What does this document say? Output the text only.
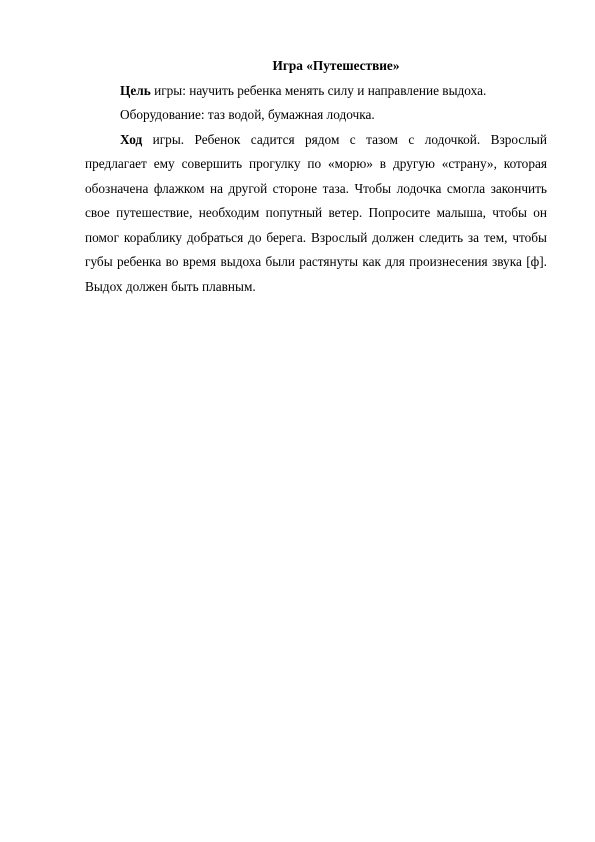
Игра «Путешествие»

Цель игры: научить ребенка менять силу и направление выдоха.

Оборудование: таз водой, бумажная лодочка.

Ход игры. Ребенок садится рядом с тазом с лодочкой. Взрослый предлагает ему совершить прогулку по «морю» в другую «страну», которая обозначена флажком на другой стороне таза. Чтобы лодочка смогла закончить свое путешествие, необходим попутный ветер. Попросите малыша, чтобы он помог кораблику добраться до берега. Взрослый должен следить за тем, чтобы губы ребенка во время выдоха были растянуты как для произнесения звука [ф]. Выдох должен быть плавным.
